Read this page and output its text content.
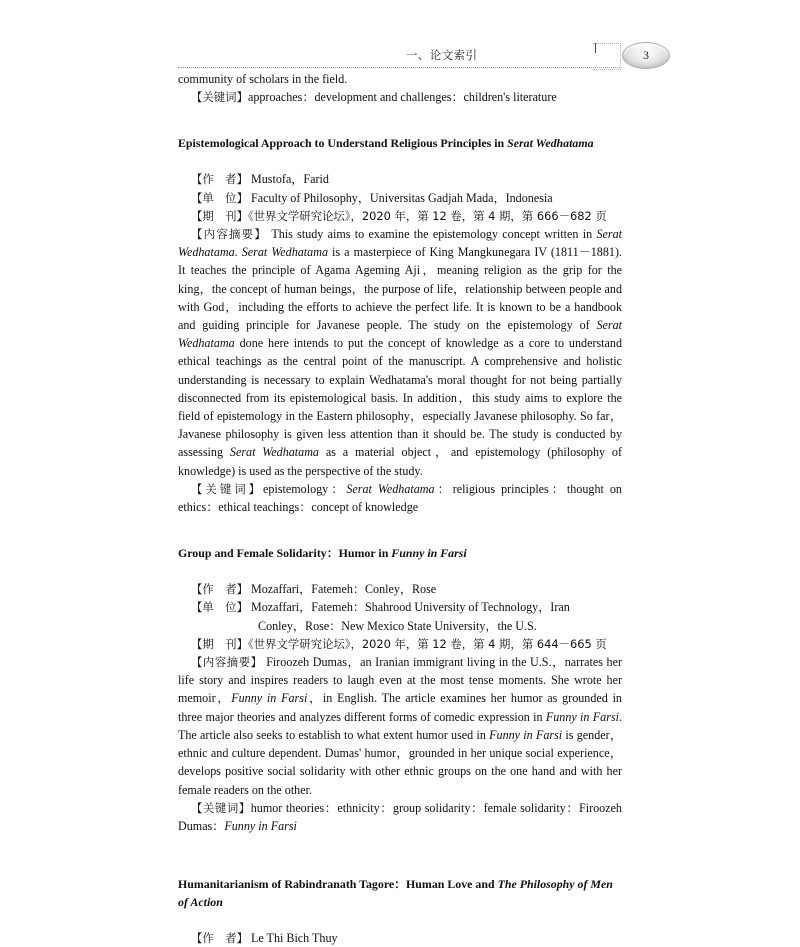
一、论文索引	3

community of scholars in the field.

【关键词】approaches：development and challenges：children's literature

Epistemological Approach to Understand Religious Principles in Serat Wedhatama

【作　者】 Mustofa，Farid

【单　位】 Faculty of Philosophy，Universitas Gadjah Mada，Indonesia

【期　刊】《世界文学研究论坛》，2020 年，第 12 卷，第 4 期，第 666－682 页

【内容摘要】 This study aims to examine the epistemology concept written in Serat Wedhatama. Serat Wedhatama is a masterpiece of King Mangkunegara IV (1811－1881). It teaches the principle of Agama Ageming Aji，meaning religion as the grip for the king，the concept of human beings，the purpose of life，relationship between people and with God，including the efforts to achieve the perfect life. It is known to be a handbook and guiding principle for Javanese people. The study on the epistemology of Serat Wedhatama done here intends to put the concept of knowledge as a core to understand ethical teachings as the central point of the manuscript. A comprehensive and holistic understanding is necessary to explain Wedhatama's moral thought for not being partially disconnected from its epistemological basis. In addition，this study aims to explore the field of epistemology in the Eastern philosophy，especially Javanese philosophy. So far，Javanese philosophy is given less attention than it should be. The study is conducted by assessing Serat Wedhatama as a material object，and epistemology (philosophy of knowledge) is used as the perspective of the study.

【关键词】epistemology：Serat Wedhatama：religious principles：thought on ethics：ethical teachings：concept of knowledge

Group and Female Solidarity：Humor in Funny in Farsi

【作　者】 Mozaffari，Fatemeh：Conley，Rose

【单　位】 Mozaffari，Fatemeh：Shahrood University of Technology，Iran

Conley，Rose：New Mexico State University，the U.S.

【期　刊】《世界文学研究论坛》，2020 年，第 12 卷，第 4 期，第 644－665 页

【内容摘要】 Firoozeh Dumas，an Iranian immigrant living in the U.S.，narrates her life story and inspires readers to laugh even at the most tense moments. She wrote her memoir，Funny in Farsi，in English. The article examines her humor as grounded in three major theories and analyzes different forms of comedic expression in Funny in Farsi. The article also seeks to establish to what extent humor used in Funny in Farsi is gender，ethnic and culture dependent. Dumas' humor，grounded in her unique social experience，develops positive social solidarity with other ethnic groups on the one hand and with her female readers on the other.

【关键词】humor theories：ethnicity：group solidarity：female solidarity：Firoozeh Dumas：Funny in Farsi

Humanitarianism of Rabindranath Tagore：Human Love and The Philosophy of Men of Action

【作　者】 Le Thi Bich Thuy
